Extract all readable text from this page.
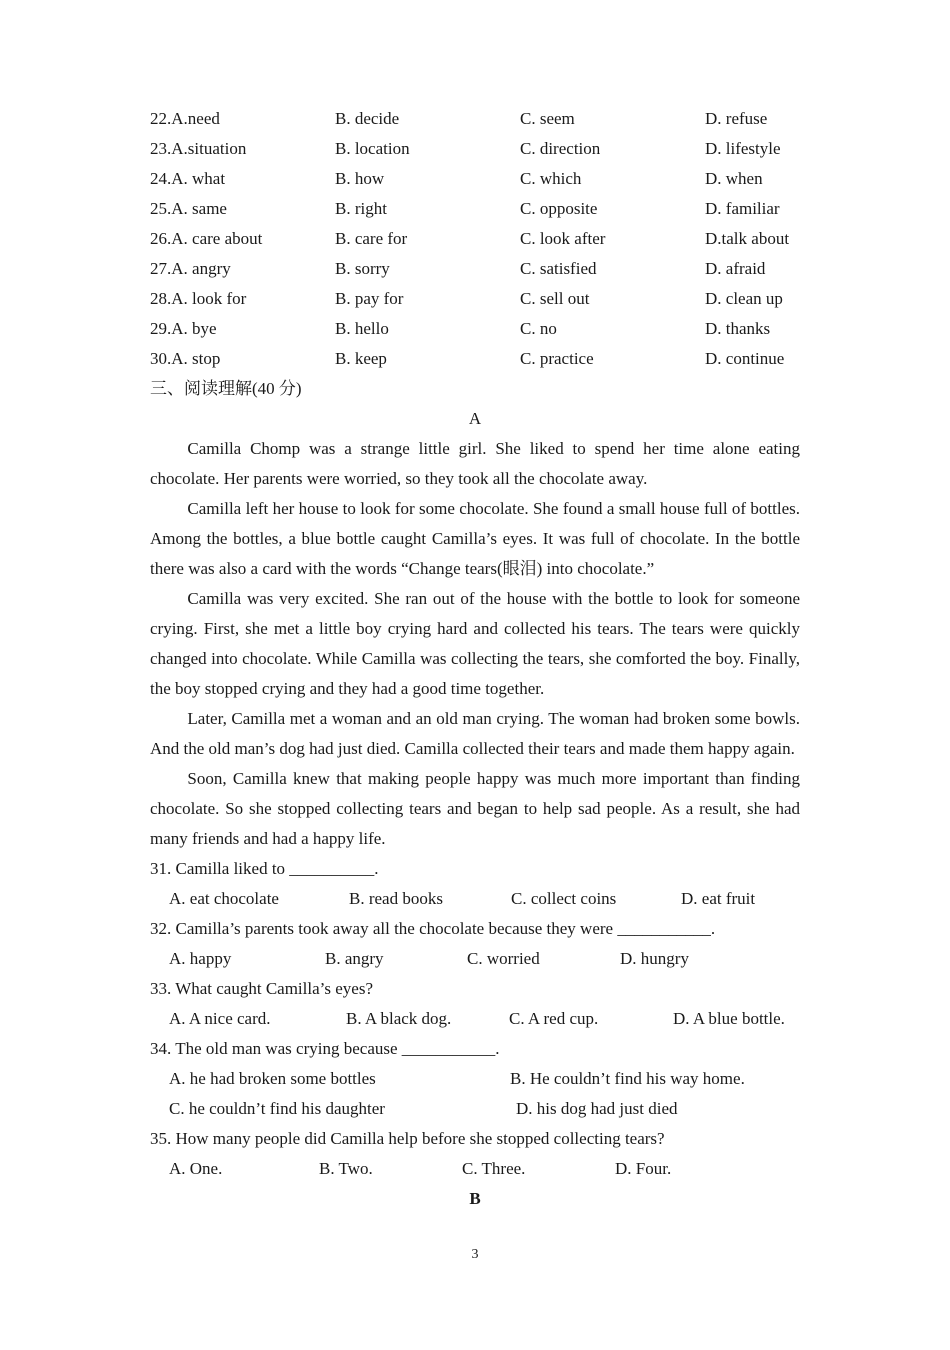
22.A.need	B. decide	C. seem	D. refuse
23.A.situation	B. location	C. direction	D. lifestyle
24.A. what	B. how	C. which	D. when
25.A. same	B. right	C. opposite	D. familiar
26.A. care about	B. care for	C. look after	D.talk about
27.A. angry	B. sorry	C. satisfied	D. afraid
28.A. look for	B. pay for	C. sell out	D. clean up
29.A. bye	B. hello	C. no	D. thanks
30.A. stop	B. keep	C. practice	D. continue
三、阅读理解(40 分)
A

Camilla Chomp was a strange little girl. She liked to spend her time alone eating chocolate. Her parents were worried, so they took all the chocolate away.

Camilla left her house to look for some chocolate. She found a small house full of bottles. Among the bottles, a blue bottle caught Camilla’s eyes. It was full of chocolate. In the bottle there was also a card with the words “Change tears(眼泪) into chocolate.”

Camilla was very excited. She ran out of the house with the bottle to look for someone crying. First, she met a little boy crying hard and collected his tears. The tears were quickly changed into chocolate. While Camilla was collecting the tears, she comforted the boy. Finally, the boy stopped crying and they had a good time together.

Later, Camilla met a woman and an old man crying. The woman had broken some bowls. And the old man’s dog had just died. Camilla collected their tears and made them happy again.

Soon, Camilla knew that making people happy was much more important than finding chocolate. So she stopped collecting tears and began to help sad people. As a result, she had many friends and had a happy life.

31. Camilla liked to __________.
A. eat chocolate	B. read books	C. collect coins	D. eat fruit
32. Camilla’s parents took away all the chocolate because they were ___________.
A. happy	B. angry	C. worried	D. hungry
33. What caught Camilla’s eyes?
A. A nice card.	B. A black dog.	C. A red cup.	D. A blue bottle.
34. The old man was crying because ___________.
A. he had broken some bottles	B. He couldn’t find his way home.
C. he couldn’t find his daughter	D. his dog had just died
35. How many people did Camilla help before she stopped collecting tears?
A. One.	B. Two.	C. Three.	D. Four.
B
3
